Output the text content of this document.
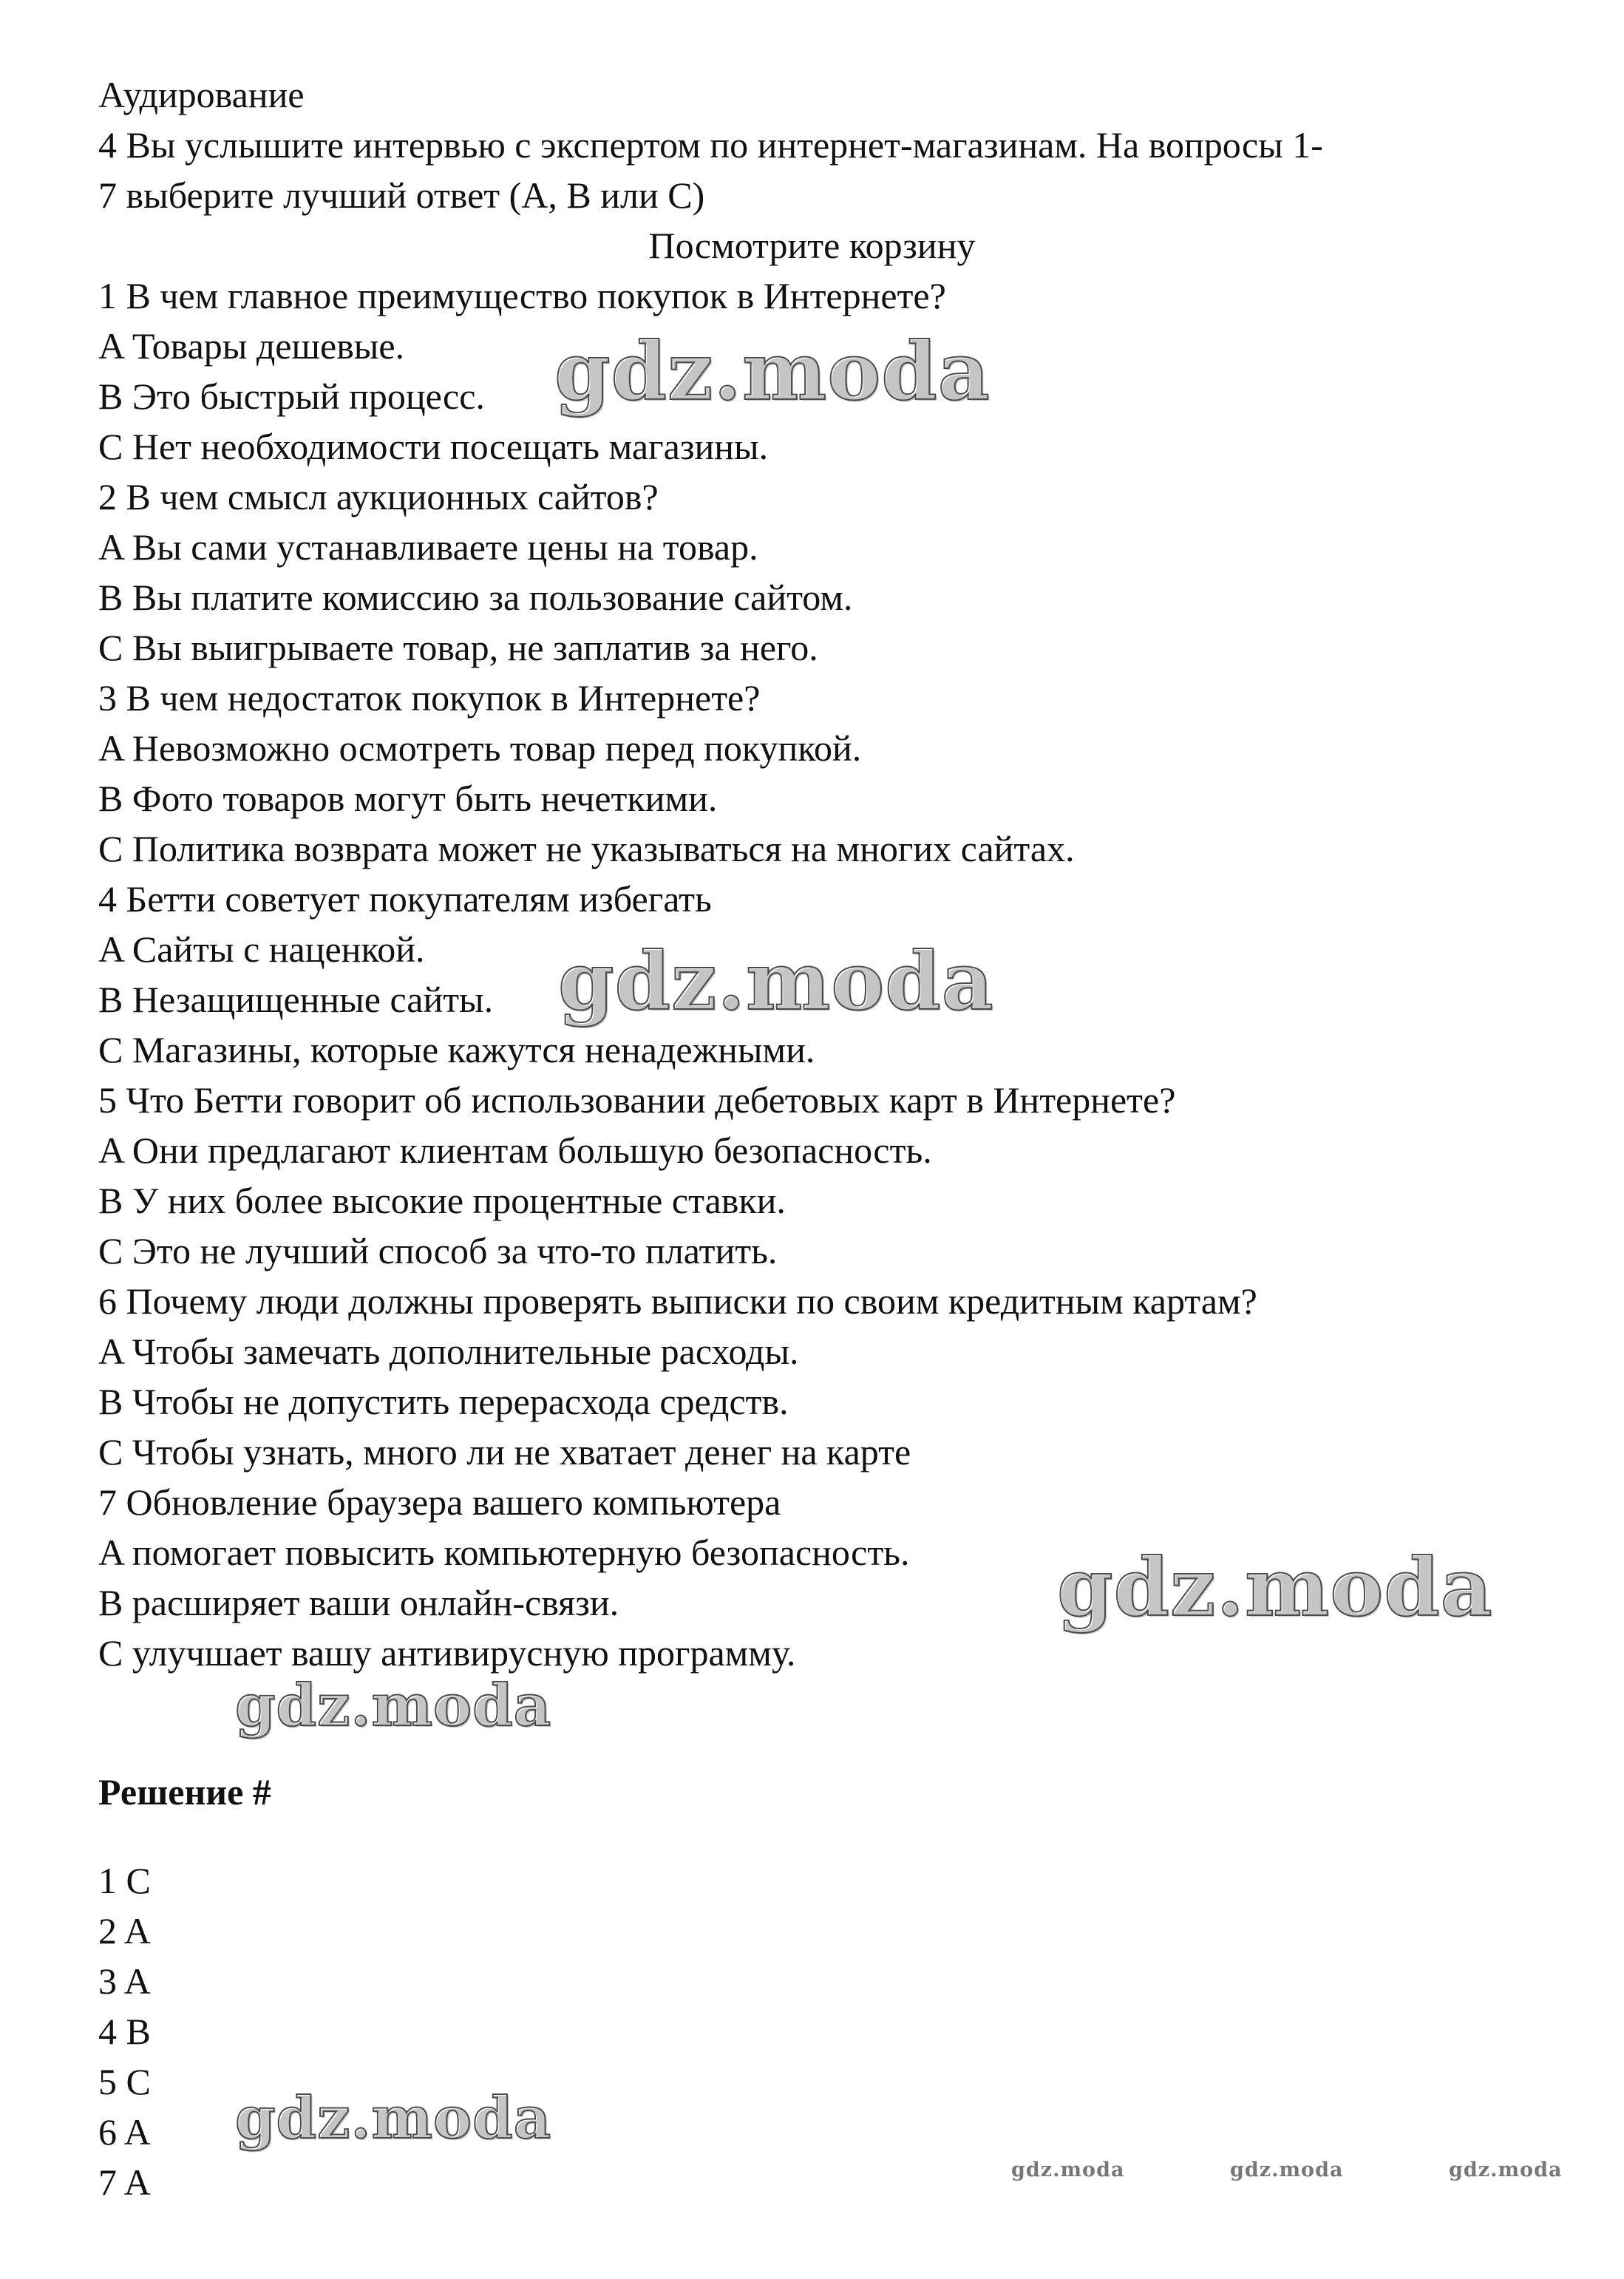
Аудирование
4 Вы услышите интервью с экспертом по интернет-магазинам. На вопросы 1-
7 выберите лучший ответ (A, B или C)
Посмотрите корзину
1 В чем главное преимущество покупок в Интернете?
A Товары дешевые.
B Это быстрый процесс.
C Нет необходимости посещать магазины.
2 В чем смысл аукционных сайтов?
A Вы сами устанавливаете цены на товар.
B Вы платите комиссию за пользование сайтом.
C Вы выигрываете товар, не заплатив за него.
3 В чем недостаток покупок в Интернете?
A Невозможно осмотреть товар перед покупкой.
B Фото товаров могут быть нечеткими.
C Политика возврата может не указываться на многих сайтах.
4 Бетти советует покупателям избегать
A Сайты с наценкой.
B Незащищенные сайты.
C Магазины, которые кажутся ненадежными.
5 Что Бетти говорит об использовании дебетовых карт в Интернете?
A Они предлагают клиентам большую безопасность.
B У них более высокие процентные ставки.
C Это не лучший способ за что-то платить.
6 Почему люди должны проверять выписки по своим кредитным картам?
A Чтобы замечать дополнительные расходы.
B Чтобы не допустить перерасхода средств.
C Чтобы узнать, много ли не хватает денег на карте
7 Обновление браузера вашего компьютера
A помогает повысить компьютерную безопасность.
B расширяет ваши онлайн-связи.
C улучшает вашу антивирусную программу.
Решение #
1 C
2 A
3 A
4 B
5 C
6 A
7 A
gdz.moda
gdz.moda
gdz.moda
gdz.moda
gdz.moda
gdz.moda	gdz.moda	gdz.moda
